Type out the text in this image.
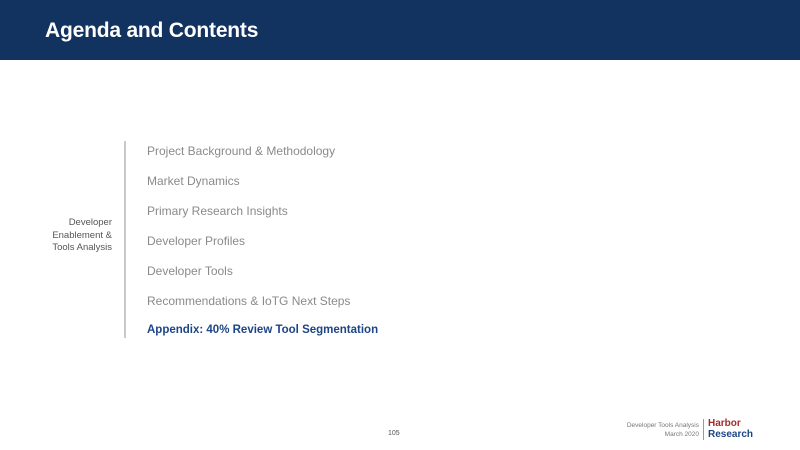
Agenda and Contents
Developer
Enablement &
Tools Analysis
Project Background & Methodology
Market Dynamics
Primary Research Insights
Developer Profiles
Developer Tools
Recommendations & IoTG Next Steps
Appendix: 40% Review Tool Segmentation
105
Developer Tools Analysis
March 2020
Harbor
Research
